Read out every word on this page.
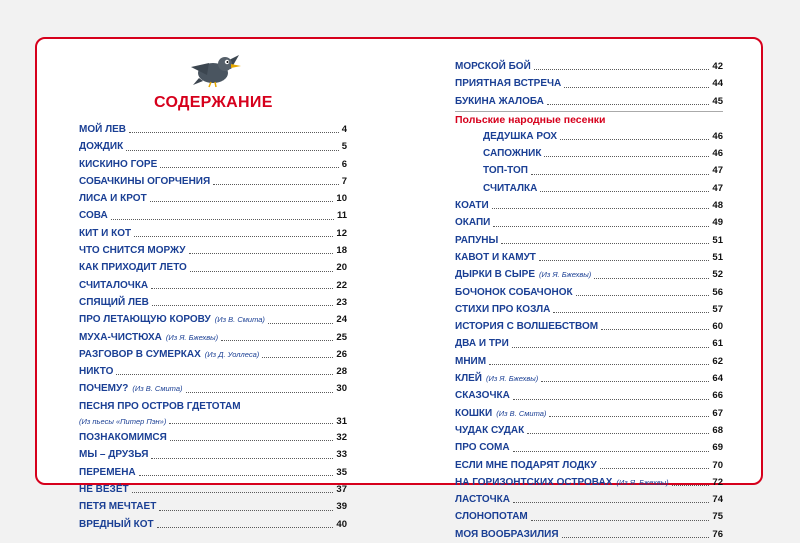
СОДЕРЖАНИЕ
МОЙ ЛЕВ	4
ДОЖДИК	5
КИСКИНО ГОРЕ	6
СОБАЧКИНЫ ОГОРЧЕНИЯ	7
ЛИСА И КРОТ	10
СОВА	11
КИТ И КОТ	12
ЧТО СНИТСЯ МОРЖУ	18
КАК ПРИХОДИТ ЛЕТО	20
СЧИТАЛОЧКА	22
СПЯЩИЙ ЛЕВ	23
ПРО ЛЕТАЮЩУЮ КОРОВУ (Из В. Смита)	24
МУХА-ЧИСТЮХА (Из Я. Бжехвы)	25
РАЗГОВОР В СУМЕРКАХ (Из Д. Уоллеса)	26
НИКТО	28
ПОЧЕМУ? (Из В. Смита)	30
ПЕСНЯ ПРО ОСТРОВ ГДЕТОТАМ
(Из пьесы «Питер Пэн»)	31
ПОЗНАКОМИМСЯ	32
МЫ – ДРУЗЬЯ	33
ПЕРЕМЕНА	35
НЕ ВЕЗЁТ	37
ПЕТЯ МЕЧТАЕТ	39
ВРЕДНЫЙ КОТ	40
МОРСКОЙ БОЙ	42
ПРИЯТНАЯ ВСТРЕЧА	44
БУКИНА ЖАЛОБА	45
Польские народные песенки
ДЕДУШКА РОХ	46
САПОЖНИК	46
ТОП-ТОП	47
СЧИТАЛКА	47
КОАТИ	48
ОКАПИ	49
РАПУНЫ	51
КАВОТ И КАМУТ	51
ДЫРКИ В СЫРЕ (Из Я. Бжехвы)	52
БОЧОНОК СОБАЧОНОК	56
СТИХИ ПРО КОЗЛА	57
ИСТОРИЯ С ВОЛШЕБСТВОМ	60
ДВА И ТРИ	61
МНИМ	62
КЛЕЙ (Из Я. Бжехвы)	64
СКАЗОЧКА	66
КОШКИ (Из В. Смита)	67
ЧУДАК СУДАК	68
ПРО СОМА	69
ЕСЛИ МНЕ ПОДАРЯТ ЛОДКУ	70
НА ГОРИЗОНТСКИХ ОСТРОВАХ (Из Я. Бжехвы)	72
ЛАСТОЧКА	74
СЛОНОПОТАМ	75
МОЯ ВООБРАЗИЛИЯ	76
